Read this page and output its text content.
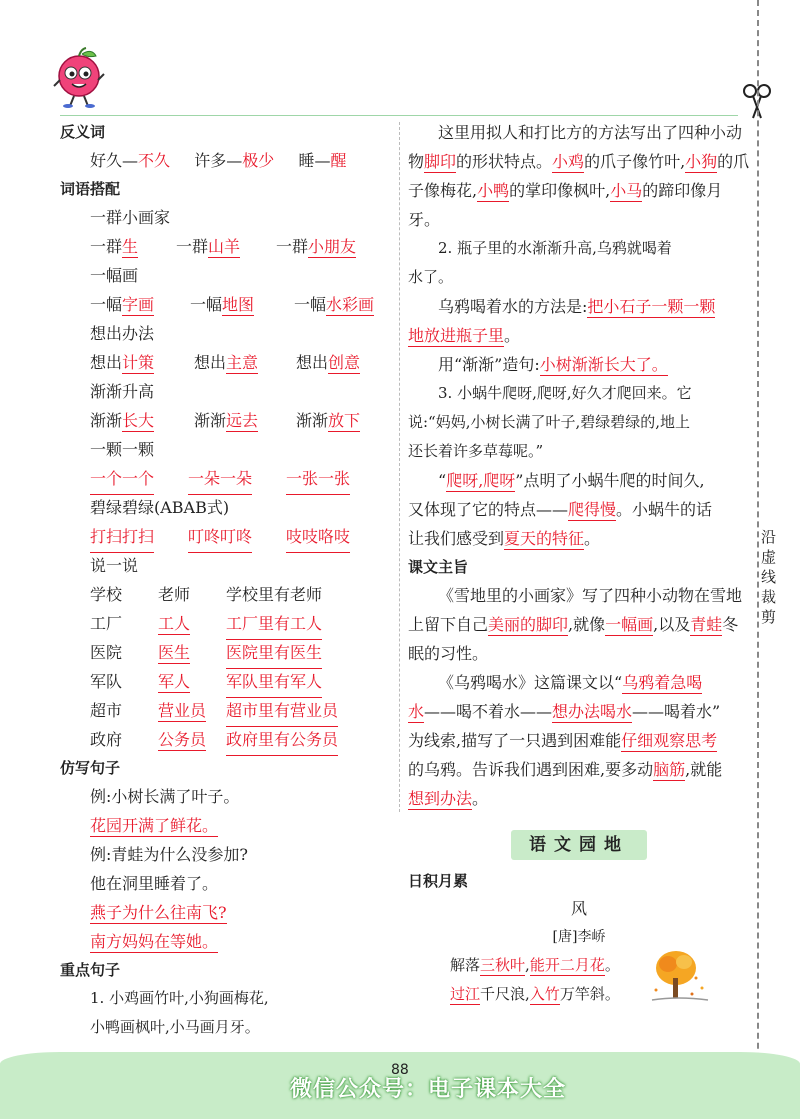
沿虚线裁剪
反义词
好久—不久 许多—极少 睡—醒
词语搭配
一群小画家
一群生 一群山羊 一群小朋友
一幅画
一幅字画 一幅地图 一幅水彩画
想出办法
想出计策 想出主意 想出创意
渐渐升高
渐渐长大 渐渐远去 渐渐放下
一颗一颗
一个一个 一朵一朵 一张一张
碧绿碧绿(ABAB式)
打扫打扫 叮咚叮咚 吱吱咯吱
说一说
学校 老师 学校里有老师
工厂 工人 工厂里有工人
医院 医生 医院里有医生
军队 军人 军队里有军人
超市 营业员 超市里有营业员
政府 公务员 政府里有公务员
仿写句子
例:小树长满了叶子。
花园开满了鲜花。
例:青蛙为什么没参加?
他在洞里睡着了。
燕子为什么往南飞?
南方妈妈在等她。
重点句子
1. 小鸡画竹叶,小狗画梅花,
小鸭画枫叶,小马画月牙。
这里用拟人和打比方的方法写出了四种小动物脚印的形状特点。小鸡的爪子像竹叶,小狗的爪子像梅花,小鸭的掌印像枫叶,小马的蹄印像月牙。
2. 瓶子里的水渐渐升高,乌鸦就喝着
水了。
乌鸦喝着水的方法是:把小石子一颗一颗
地放进瓶子里。
用“渐渐”造句:小树渐渐长大了。
3. 小蜗牛爬呀,爬呀,好久才爬回来。它
说:“妈妈,小树长满了叶子,碧绿碧绿的,地上
还长着许多草莓呢。”
“爬呀,爬呀”点明了小蜗牛爬的时间久,
又体现了它的特点——爬得慢。小蜗牛的话
让我们感受到夏天的特征。
课文主旨
《雪地里的小画家》写了四种小动物在雪地上留下自己美丽的脚印,就像一幅画,以及青蛙冬眠的习性。
《乌鸦喝水》这篇课文以“乌鸦着急喝
水——喝不着水——想办法喝水——喝着水”
为线索,描写了一只遇到困难能仔细观察思考
的乌鸦。告诉我们遇到困难,要多动脑筋,就能
想到办法。
语文园地
日积月累
风
[唐]李峤
解落三秋叶,能开二月花。
过江千尺浪,入竹万竿斜。
88
微信公众号：电子课本大全
